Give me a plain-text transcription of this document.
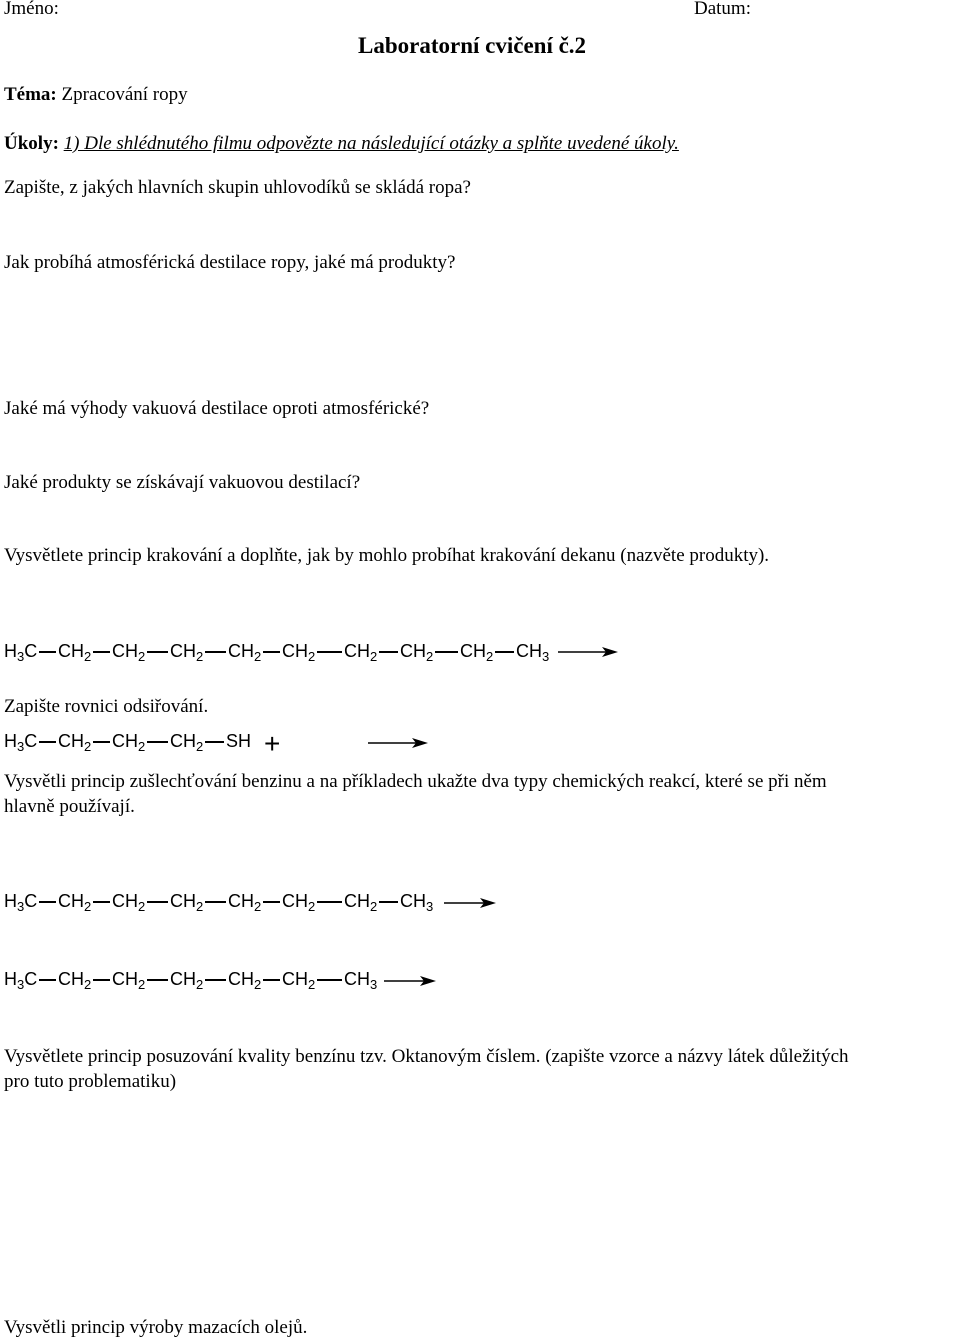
Jméno:	Datum:
Laboratorní cvičení č.2
Téma: Zpracování ropy
Úkoly: 1) Dle shlédnutého filmu odpovězte na následující otázky a splňte uvedené úkoly.
Zapište, z jakých hlavních skupin uhlovodíků se skládá ropa?
Jak probíhá atmosférická destilace ropy, jaké má produkty?
Jaké má výhody vakuová destilace oproti atmosférické?
Jaké produkty se získávají vakuovou destilací?
Vysvětlete princip krakování a doplňte, jak by mohlo probíhat krakování dekanu (nazvěte produkty).
$H_3C$ $CH_2$ $CH_2$ $CH_2$ $CH_2$ $CH_2$ $CH_2$ $CH_2$ $CH_2$ $CH_3$ →
Zapište rovnici odsiřování.
$H_3C$ $CH_2$ $CH_2$ $CH_2$ SH +
Vysvětli princip zušlechťování benzinu a na příkladech ukažte dva typy chemických reakcí, které se při něm
hlavně používají.
$H_3C$ $CH_2$ $CH_2$ $CH_2$ $CH_2$ $CH_2$ $CH_2$ $CH_3$ →
$H_3C$ $CH_2$ $CH_2$ $CH_2$ $CH_2$ $CH_2$ $CH_3$ →
Vysvětlete princip posuzování kvality benzínu tzv. Oktanovým číslem. (zapište vzorce a názvy látek důležitých
pro tuto problematiku)
Vysvětli princip výroby mazacích olejů.
